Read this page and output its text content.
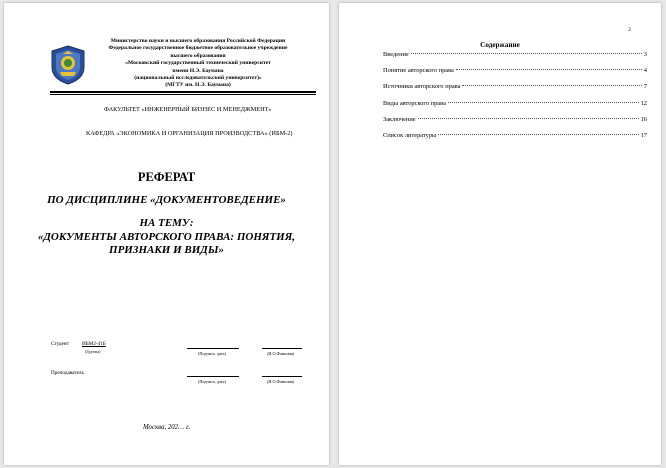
Министерство науки и высшего образования Российской Федерации
Федеральное государственное бюджетное образовательное учреждение
высшего образования
«Московский государственный технический университет
имени Н.Э. Баумана
(национальный исследовательский университет)»
(МГТУ им. Н.Э. Баумана)
ФАКУЛЬТЕТ «ИНЖЕНЕРНЫЙ БИЗНЕС И МЕНЕДЖМЕНТ»
КАФЕДРА «ЭКОНОМИКА И ОРГАНИЗАЦИЯ ПРОИЗВОДСТВА» (ИБМ-2)
РЕФЕРАТ
ПО ДИСЦИПЛИНЕ «ДОКУМЕНТОВЕДЕНИЕ»
НА ТЕМУ:
«ДОКУМЕНТЫ АВТОРСКОГО ПРАВА: ПОНЯТИЯ,
ПРИЗНАКИ И ВИДЫ»
Студент	ИБМ2-41Б
(Группа)	(Подпись, дата)	(И.О.Фамилия)
Преподаватель
(Подпись, дата)	(И.О.Фамилия)
Москва, 202… г.
2
Содержание
Введение	3
Понятие авторского права	4
Источники авторского права	7
Виды авторского права	12
Заключение	16
Список литературы	17
